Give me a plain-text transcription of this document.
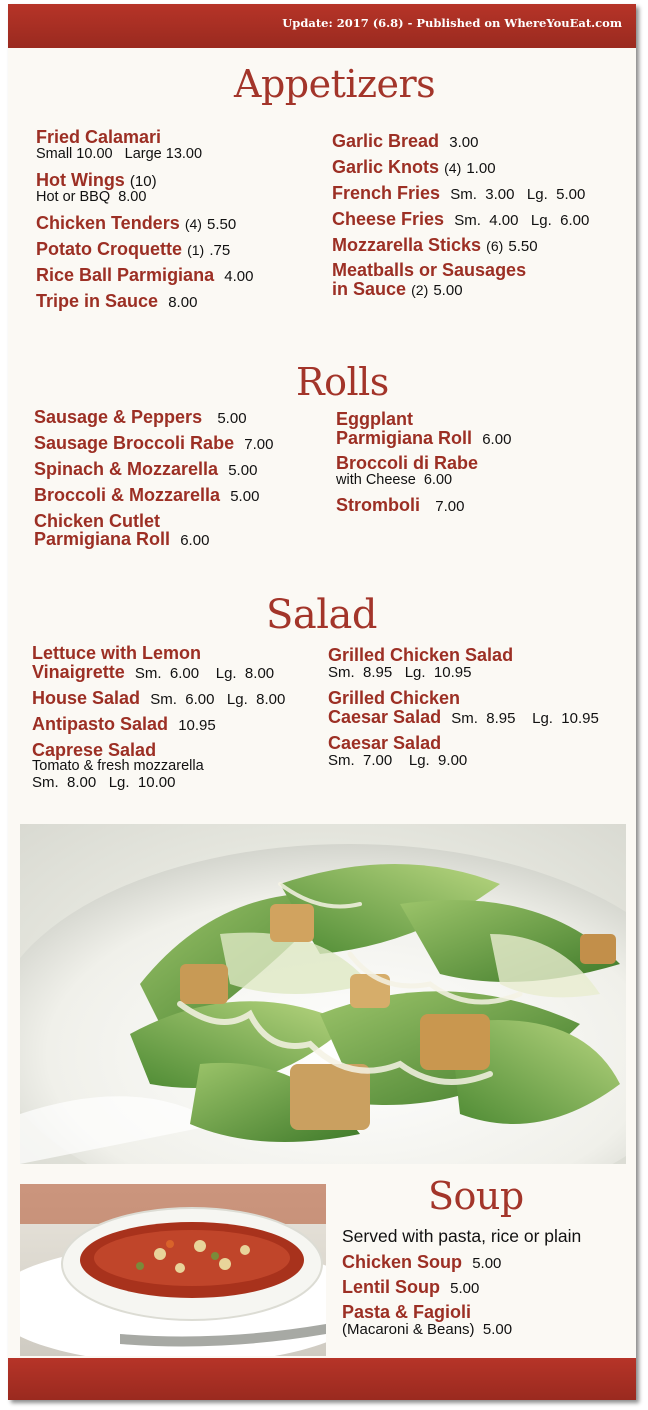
Update: 2017 (6.8) - Published on WhereYouEat.com
Appetizers
Fried Calamari
Small 10.00   Large 13.00
Hot Wings (10)
Hot or BBQ  8.00
Chicken Tenders (4) 5.50
Potato Croquette (1) .75
Rice Ball Parmigiana 4.00
Tripe in Sauce 8.00
Garlic Bread 3.00
Garlic Knots (4) 1.00
French Fries Sm.  3.00   Lg.  5.00
Cheese Fries Sm.  4.00   Lg.  6.00
Mozzarella Sticks (6) 5.50
Meatballs or Sausages
in Sauce (2) 5.00
Rolls
Sausage & Peppers 5.00
Sausage Broccoli Rabe 7.00
Spinach & Mozzarella 5.00
Broccoli & Mozzarella 5.00
Chicken Cutlet
Parmigiana Roll 6.00
Eggplant
Parmigiana Roll 6.00
Broccoli di Rabe
with Cheese  6.00
Stromboli 7.00
Salad
Lettuce with Lemon
Vinaigrette Sm.  6.00    Lg.  8.00
House Salad Sm.  6.00   Lg.  8.00
Antipasto Salad 10.95
Caprese Salad
Tomato & fresh mozzarella
Sm.  8.00   Lg.  10.00
Grilled Chicken Salad
Sm.  8.95   Lg.  10.95
Grilled Chicken
Caesar Salad Sm.  8.95    Lg.  10.95
Caesar Salad
Sm.  7.00    Lg.  9.00
Soup
Served with pasta, rice or plain
Chicken Soup 5.00
Lentil Soup 5.00
Pasta & Fagioli
(Macaroni & Beans)  5.00
